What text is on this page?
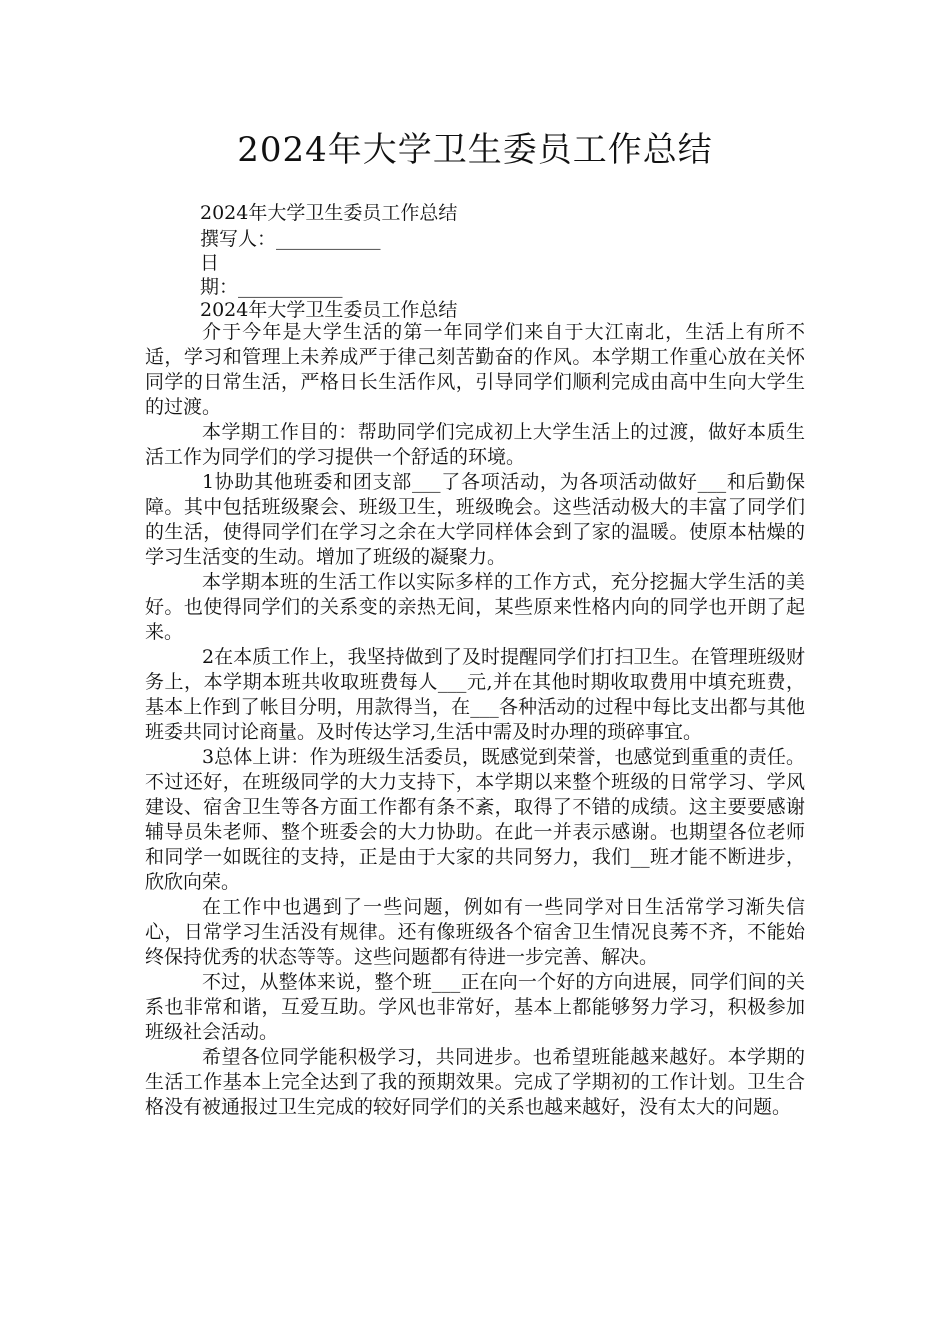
2024年大学卫生委员工作总结
2024年大学卫生委员工作总结
撰写人：___________
日
期：___________
2024年大学卫生委员工作总结

介于今年是大学生活的第一年同学们来自于大江南北，生活上有所不适，学习和管理上未养成严于律己刻苦勤奋的作风。本学期工作重心放在关怀同学的日常生活，严格日长生活作风，引导同学们顺利完成由高中生向大学生的过渡。

本学期工作目的：帮助同学们完成初上大学生活上的过渡，做好本质生活工作为同学们的学习提供一个舒适的环境。

1协助其他班委和团支部___了各项活动，为各项活动做好___和后勤保障。其中包括班级聚会、班级卫生，班级晚会。这些活动极大的丰富了同学们的生活，使得同学们在学习之余在大学同样体会到了家的温暖。使原本枯燥的学习生活变的生动。增加了班级的凝聚力。

本学期本班的生活工作以实际多样的工作方式，充分挖掘大学生活的美好。也使得同学们的关系变的亲热无间，某些原来性格内向的同学也开朗了起来。

2在本质工作上，我坚持做到了及时提醒同学们打扫卫生。在管理班级财务上，本学期本班共收取班费每人___元,并在其他时期收取费用中填充班费，基本上作到了帐目分明，用款得当，在___各种活动的过程中每比支出都与其他班委共同讨论商量。及时传达学习,生活中需及时办理的琐碎事宜。

3总体上讲：作为班级生活委员，既感觉到荣誉，也感觉到重重的责任。不过还好，在班级同学的大力支持下，本学期以来整个班级的日常学习、学风建设、宿舍卫生等各方面工作都有条不紊，取得了不错的成绩。这主要要感谢辅导员朱老师、整个班委会的大力协助。在此一并表示感谢。也期望各位老师和同学一如既往的支持，正是由于大家的共同努力，我们__班才能不断进步，欣欣向荣。

在工作中也遇到了一些问题，例如有一些同学对日生活常学习渐失信心，日常学习生活没有规律。还有像班级各个宿舍卫生情况良莠不齐，不能始终保持优秀的状态等等。这些问题都有待进一步完善、解决。

不过，从整体来说，整个班___正在向一个好的方向进展，同学们间的关系也非常和谐，互爱互助。学风也非常好，基本上都能够努力学习，积极参加班级社会活动。

希望各位同学能积极学习，共同进步。也希望班能越来越好。本学期的生活工作基本上完全达到了我的预期效果。完成了学期初的工作计划。卫生合格没有被通报过卫生完成的较好同学们的关系也越来越好，没有太大的问题。
